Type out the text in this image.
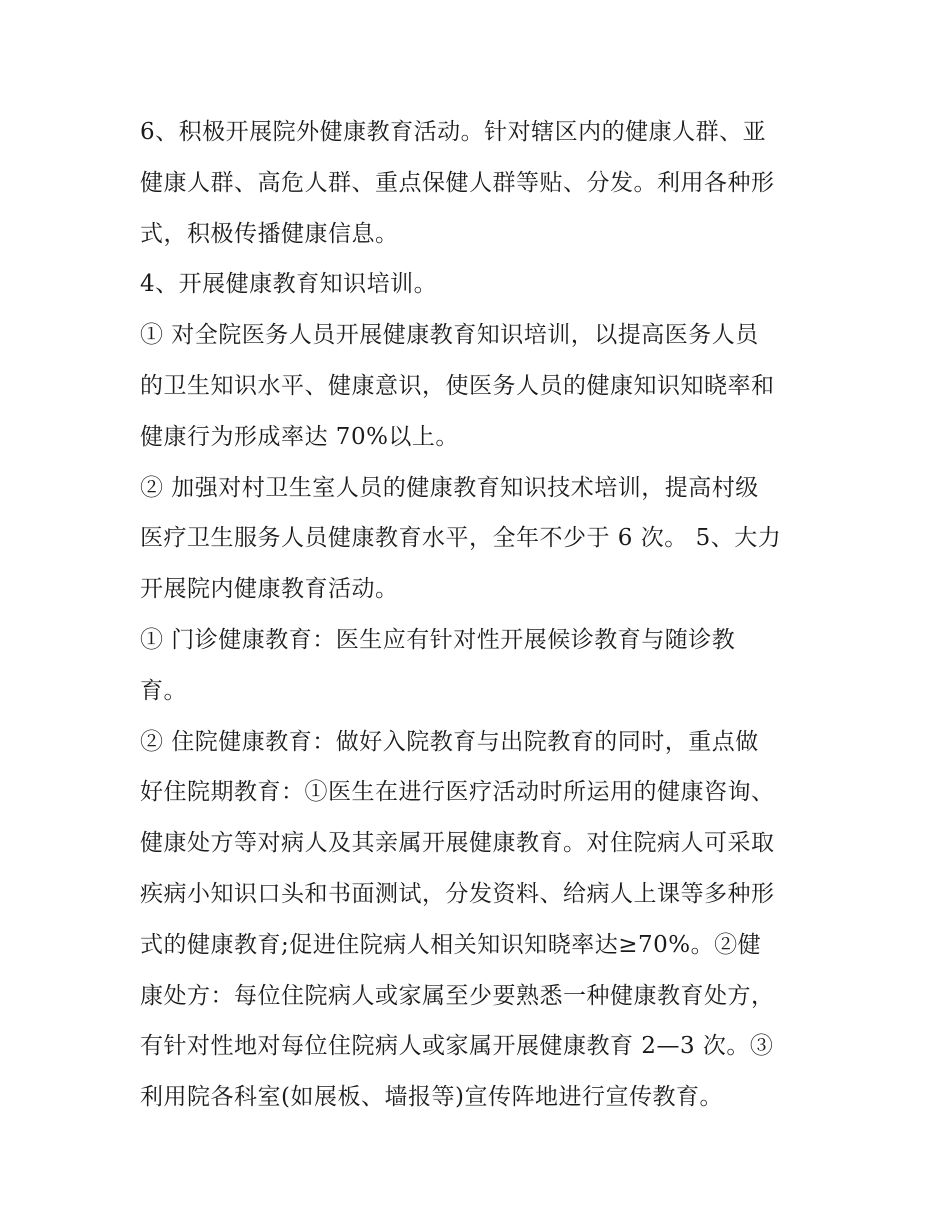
6、积极开展院外健康教育活动。针对辖区内的健康人群、亚
健康人群、高危人群、重点保健人群等贴、分发。利用各种形
式，积极传播健康信息。
4、开展健康教育知识培训。
① 对全院医务人员开展健康教育知识培训，以提高医务人员
的卫生知识水平、健康意识，使医务人员的健康知识知晓率和
健康行为形成率达 70%以上。
② 加强对村卫生室人员的健康教育知识技术培训，提高村级
医疗卫生服务人员健康教育水平，全年不少于 6 次。 5、大力
开展院内健康教育活动。
① 门诊健康教育：医生应有针对性开展候诊教育与随诊教
育。
② 住院健康教育：做好入院教育与出院教育的同时，重点做
好住院期教育：①医生在进行医疗活动时所运用的健康咨询、
健康处方等对病人及其亲属开展健康教育。对住院病人可采取
疾病小知识口头和书面测试，分发资料、给病人上课等多种形
式的健康教育;促进住院病人相关知识知晓率达≥70%。②健
康处方：每位住院病人或家属至少要熟悉一种健康教育处方，
有针对性地对每位住院病人或家属开展健康教育 2—3 次。③
利用院各科室(如展板、墙报等)宣传阵地进行宣传教育。
